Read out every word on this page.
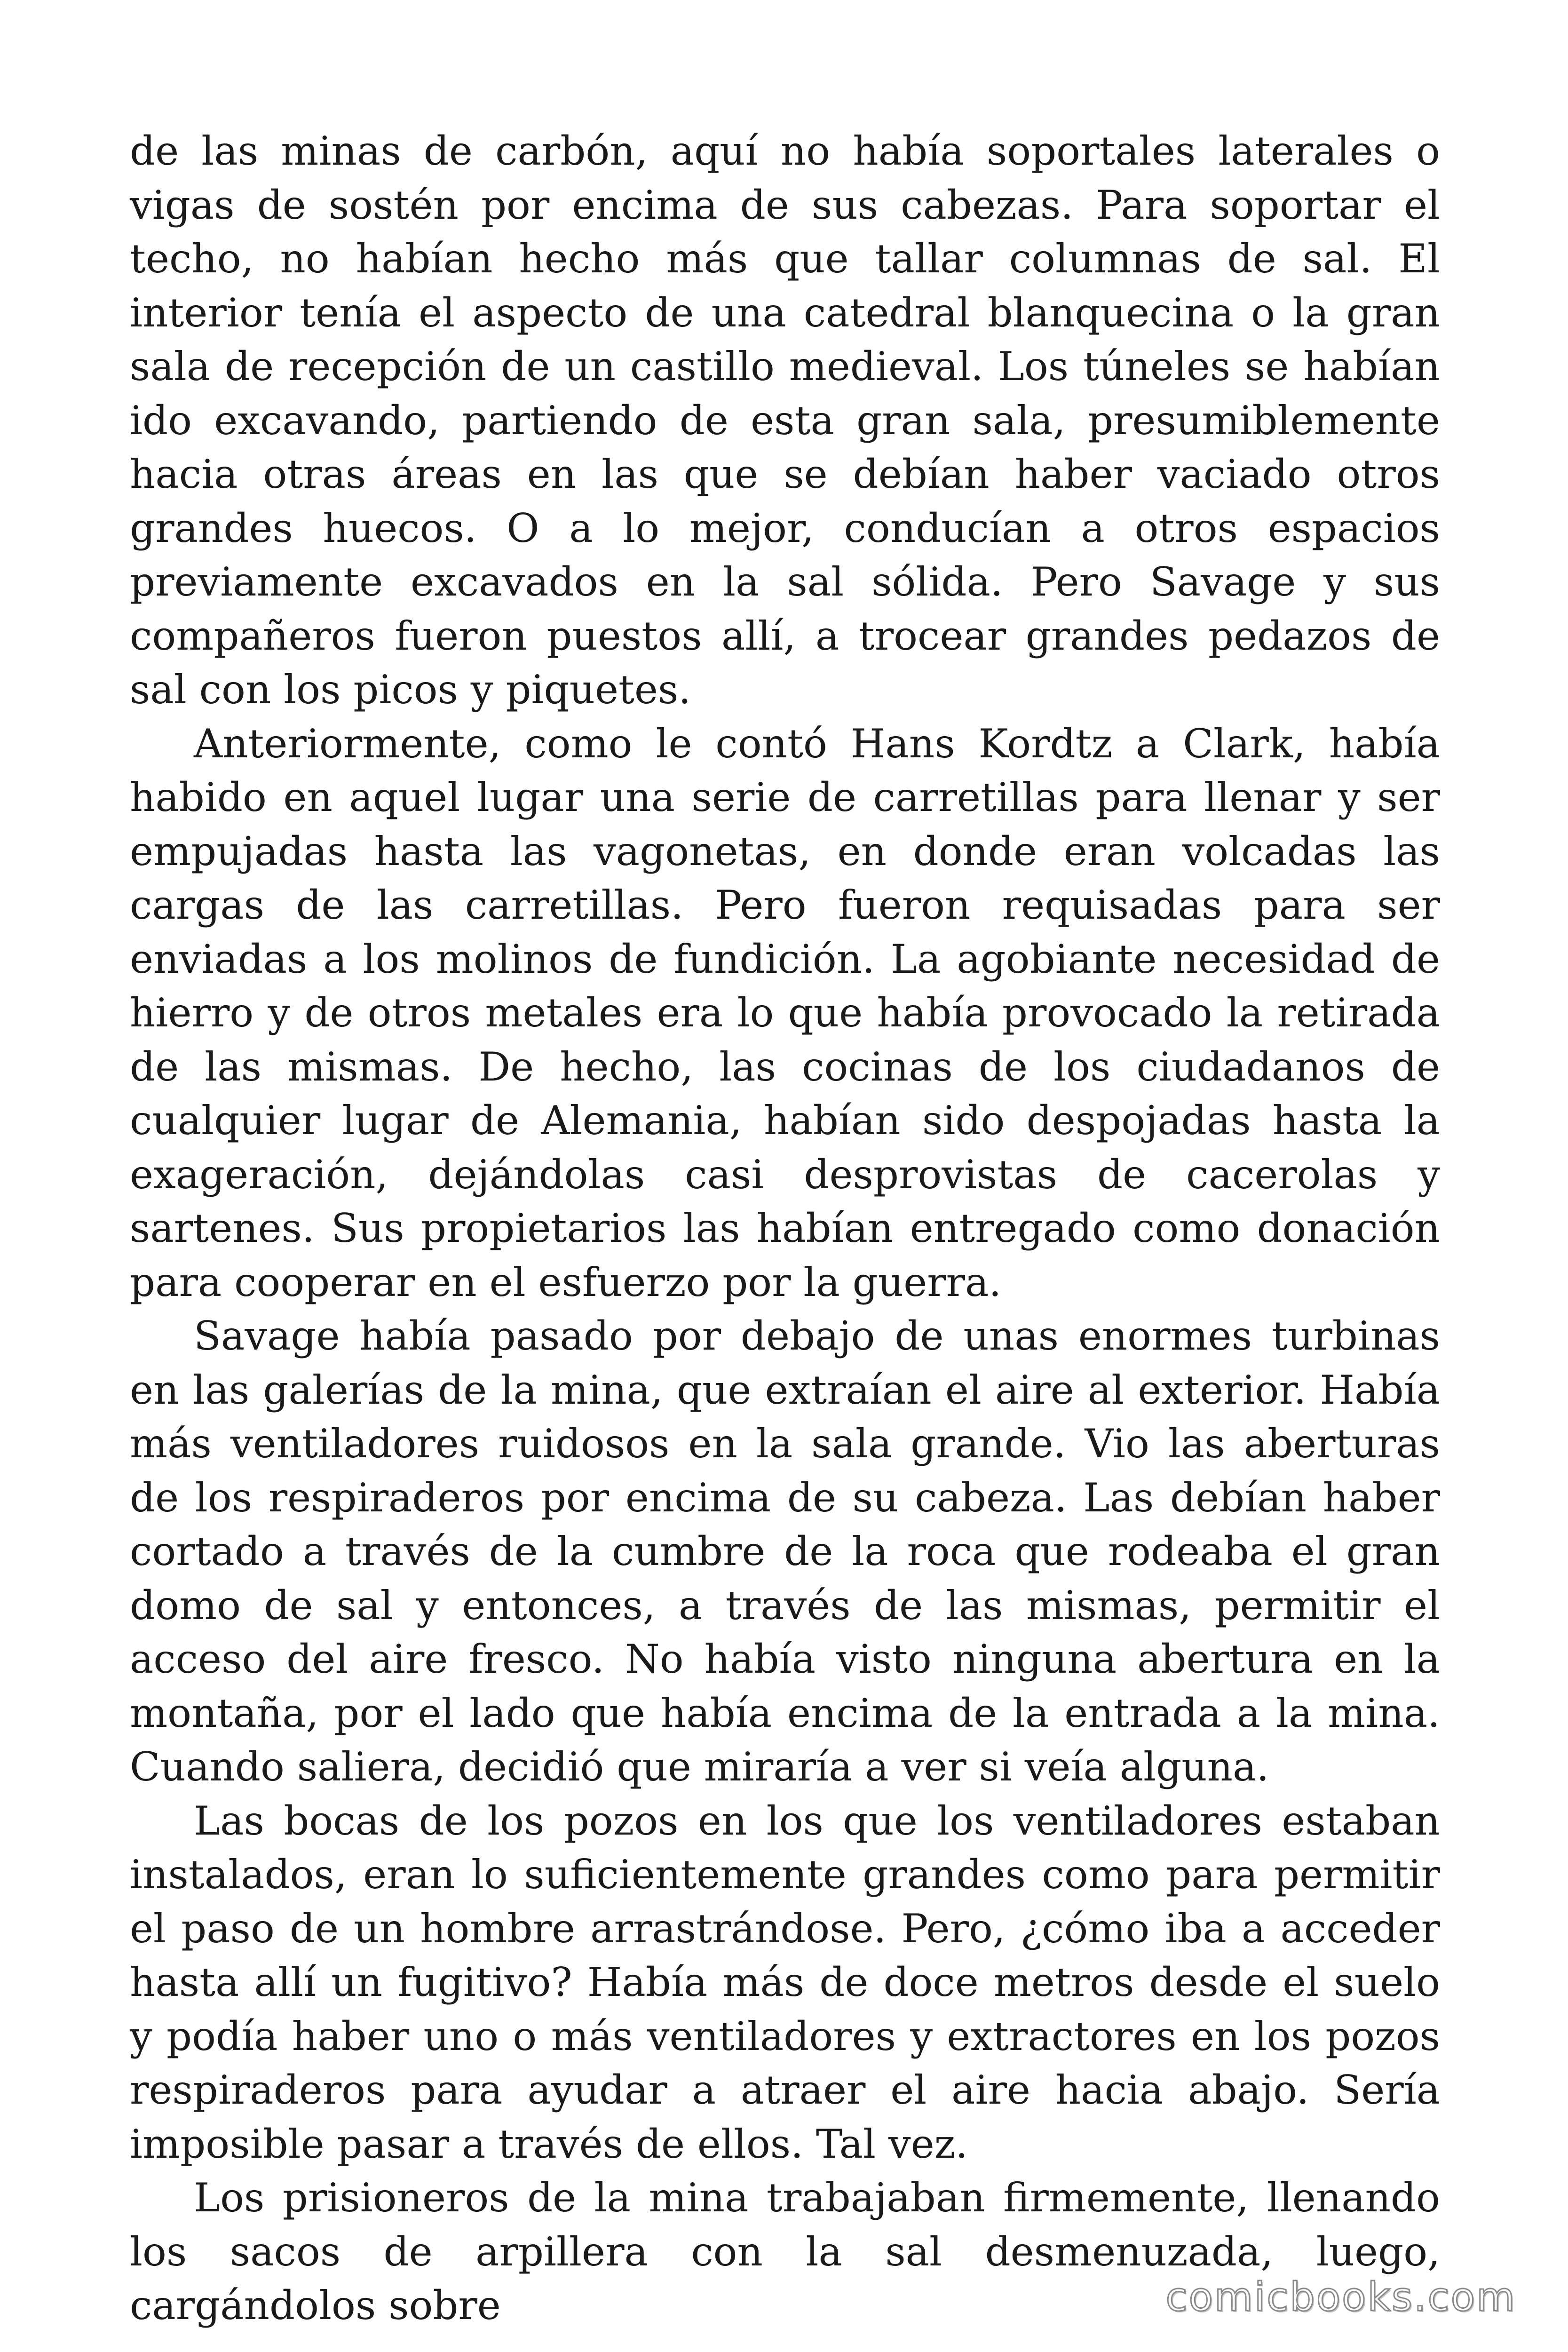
de las minas de carbón, aquí no había soportales laterales o vigas de sostén por encima de sus cabezas. Para soportar el techo, no habían hecho más que tallar columnas de sal. El interior tenía el aspecto de una catedral blanquecina o la gran sala de recepción de un castillo medieval. Los túneles se habían ido excavando, partiendo de esta gran sala, presumiblemente hacia otras áreas en las que se debían haber vaciado otros grandes huecos. O a lo mejor, conducían a otros espacios previamente excavados en la sal sólida. Pero Savage y sus compañeros fueron puestos allí, a trocear grandes pedazos de sal con los picos y piquetes.

Anteriormente, como le contó Hans Kordtz a Clark, había habido en aquel lugar una serie de carretillas para llenar y ser empujadas hasta las vagonetas, en donde eran volcadas las cargas de las carretillas. Pero fueron requisadas para ser enviadas a los molinos de fundición. La agobiante necesidad de hierro y de otros metales era lo que había provocado la retirada de las mismas. De hecho, las cocinas de los ciudadanos de cualquier lugar de Alemania, habían sido despojadas hasta la exageración, dejándolas casi desprovistas de cacerolas y sartenes. Sus propietarios las habían entregado como donación para cooperar en el esfuerzo por la guerra.

Savage había pasado por debajo de unas enormes turbinas en las galerías de la mina, que extraían el aire al exterior. Había más ventiladores ruidosos en la sala grande. Vio las aberturas de los respiraderos por encima de su cabeza. Las debían haber cortado a través de la cumbre de la roca que rodeaba el gran domo de sal y entonces, a través de las mismas, permitir el acceso del aire fresco. No había visto ninguna abertura en la montaña, por el lado que había encima de la entrada a la mina. Cuando saliera, decidió que miraría a ver si veía alguna.

Las bocas de los pozos en los que los ventiladores estaban instalados, eran lo suficientemente grandes como para permitir el paso de un hombre arrastrándose. Pero, ¿cómo iba a acceder hasta allí un fugitivo? Había más de doce metros desde el suelo y podía haber uno o más ventiladores y extractores en los pozos respiraderos para ayudar a atraer el aire hacia abajo. Sería imposible pasar a través de ellos. Tal vez.

Los prisioneros de la mina trabajaban firmemente, llenando los sacos de arpillera con la sal desmenuzada, luego, cargándolos sobre	comicbooks.com
